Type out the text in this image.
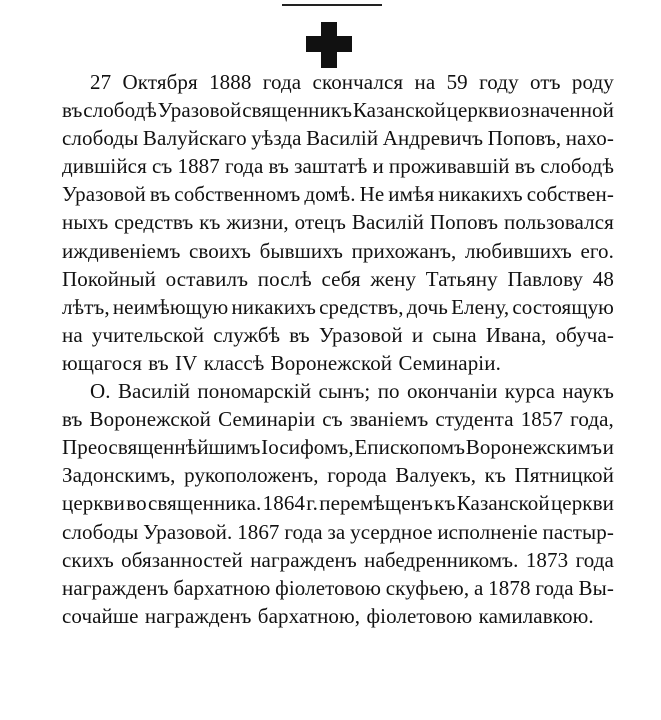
27 Октября 1888 года скончался на 59 году отъ роду
въ слободѣ Уразовой священникъ Казанской церкви означенной
слободы Валуйскаго уѣзда Василій Андревичъ Поповъ, нахо-
дившійся съ 1887 года въ заштатѣ и проживавшій въ слободѣ
Уразовой въ собственномъ домѣ. Не имѣя никакихъ собствен-
ныхъ средствъ къ жизни, отецъ Василій Поповъ пользовался
иждивеніемъ своихъ бывшихъ прихожанъ, любившихъ его.
Покойный оставилъ послѣ себя жену Татьяну Павлову 48
лѣтъ, неимѣющую никакихъ средствъ, дочь Елену, состоящую
на учительской службѣ въ Уразовой и сына Ивана, обуча-
ющагося въ IV классѣ Воронежской Семинаріи.
О. Василій пономарскій сынъ; по окончаніи курса наукъ
въ Воронежской Семинаріи съ званіемъ студента 1857 года,
Преосвященнѣйшимъ Іосифомъ, Епископомъ Воронежскимъ и
Задонскимъ, рукоположенъ, города Валуекъ, къ Пятницкой
церкви во священника. 1864 г. перемѣщенъ къ Казанской церкви
слободы Уразовой. 1867 года за усердное исполненіе пастыр-
скихъ обязанностей награжденъ набедренникомъ. 1873 года
награжденъ бархатною фіолетовою скуфьею, а 1878 года Вы-
сочайше награжденъ бархатною, фіолетовою камилавкою.
